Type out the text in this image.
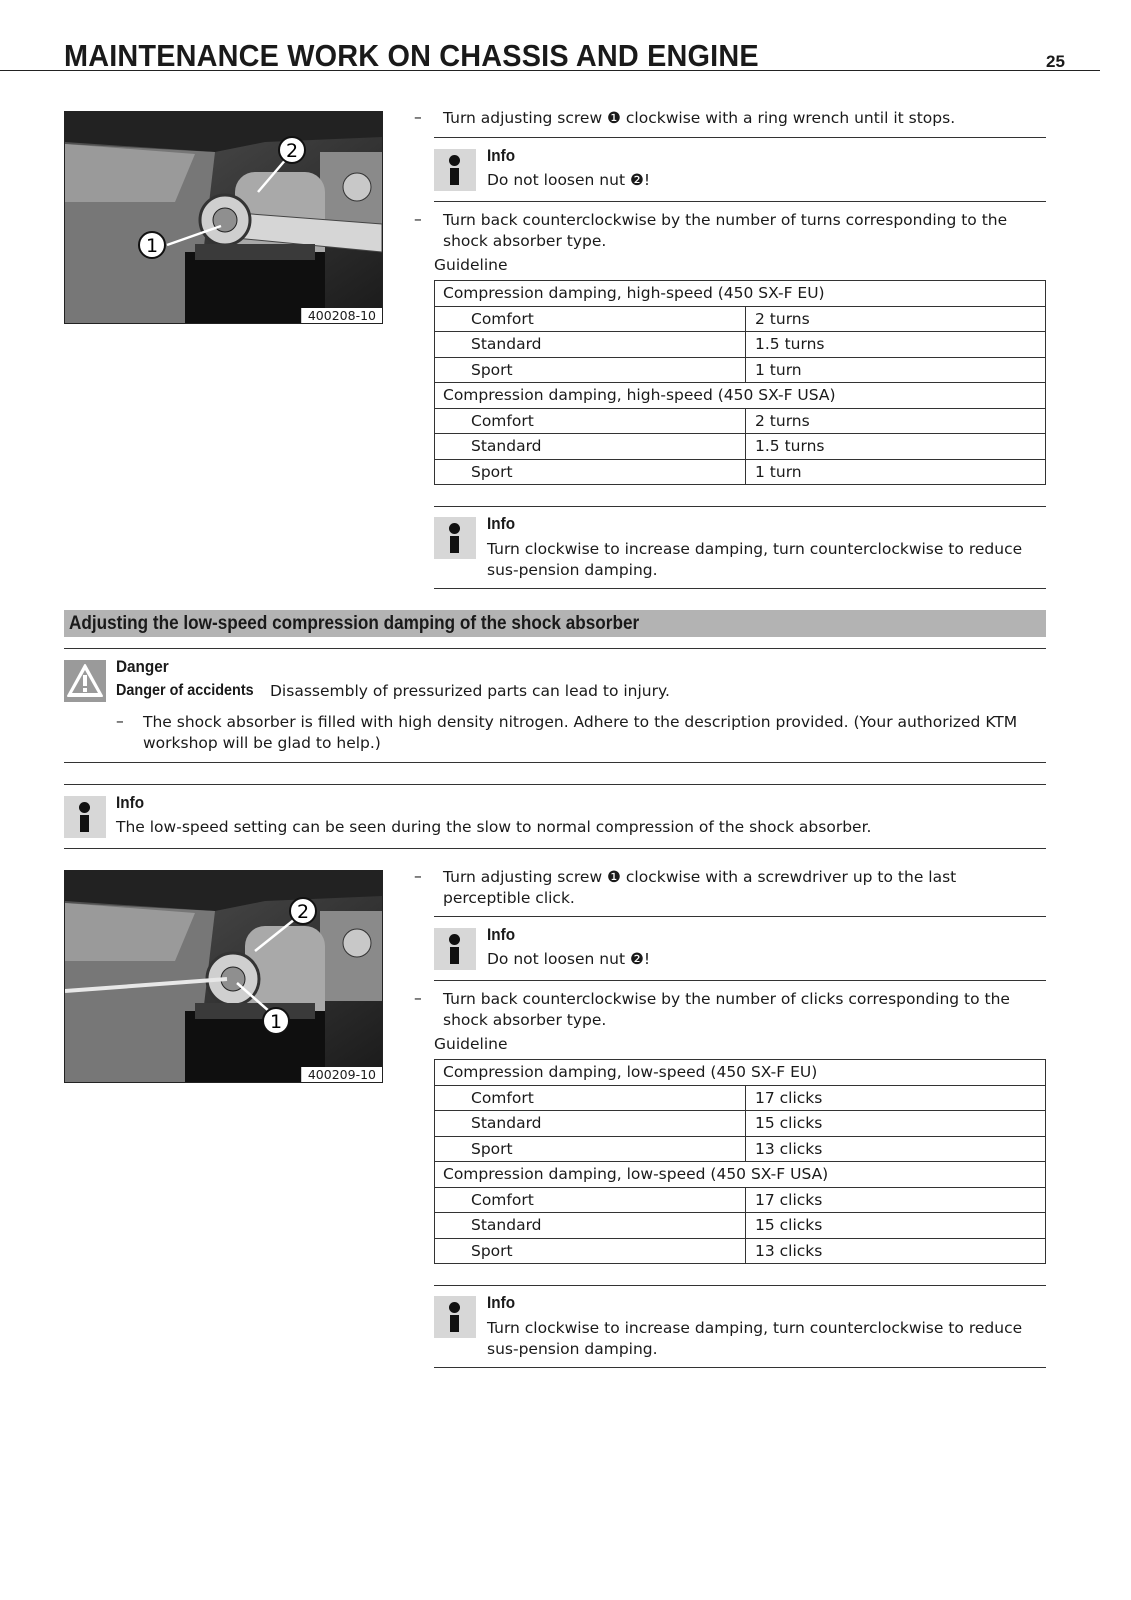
MAINTENANCE WORK ON CHASSIS AND ENGINE	25
1
2
400208-10
– Turn adjusting screw ❶ clockwise with a ring wrench until it stops.
Info
Do not loosen nut ❷!
– Turn back counterclockwise by the number of turns corresponding to the shock absorber type.
Guideline
Compression damping, high-speed (450 SX-F EU)	
Comfort	2 turns
Standard	1.5 turns
Sport	1 turn
Compression damping, high-speed (450 SX-F USA)	
Comfort	2 turns
Standard	1.5 turns
Sport	1 turn
Info
Turn clockwise to increase damping, turn counterclockwise to reduce sus-pension damping.
Adjusting the low-speed compression damping of the shock absorber
Danger
Danger of accidents Disassembly of pressurized parts can lead to injury.
– The shock absorber is filled with high density nitrogen. Adhere to the description provided. (Your authorized KTM workshop will be glad to help.)
Info
The low-speed setting can be seen during the slow to normal compression of the shock absorber.
1
2
400209-10
– Turn adjusting screw ❶ clockwise with a screwdriver up to the last perceptible click.
Info
Do not loosen nut ❷!
– Turn back counterclockwise by the number of clicks corresponding to the shock absorber type.
Guideline
Compression damping, low-speed (450 SX-F EU)	
Comfort	17 clicks
Standard	15 clicks
Sport	13 clicks
Compression damping, low-speed (450 SX-F USA)	
Comfort	17 clicks
Standard	15 clicks
Sport	13 clicks
Info
Turn clockwise to increase damping, turn counterclockwise to reduce sus-pension damping.
